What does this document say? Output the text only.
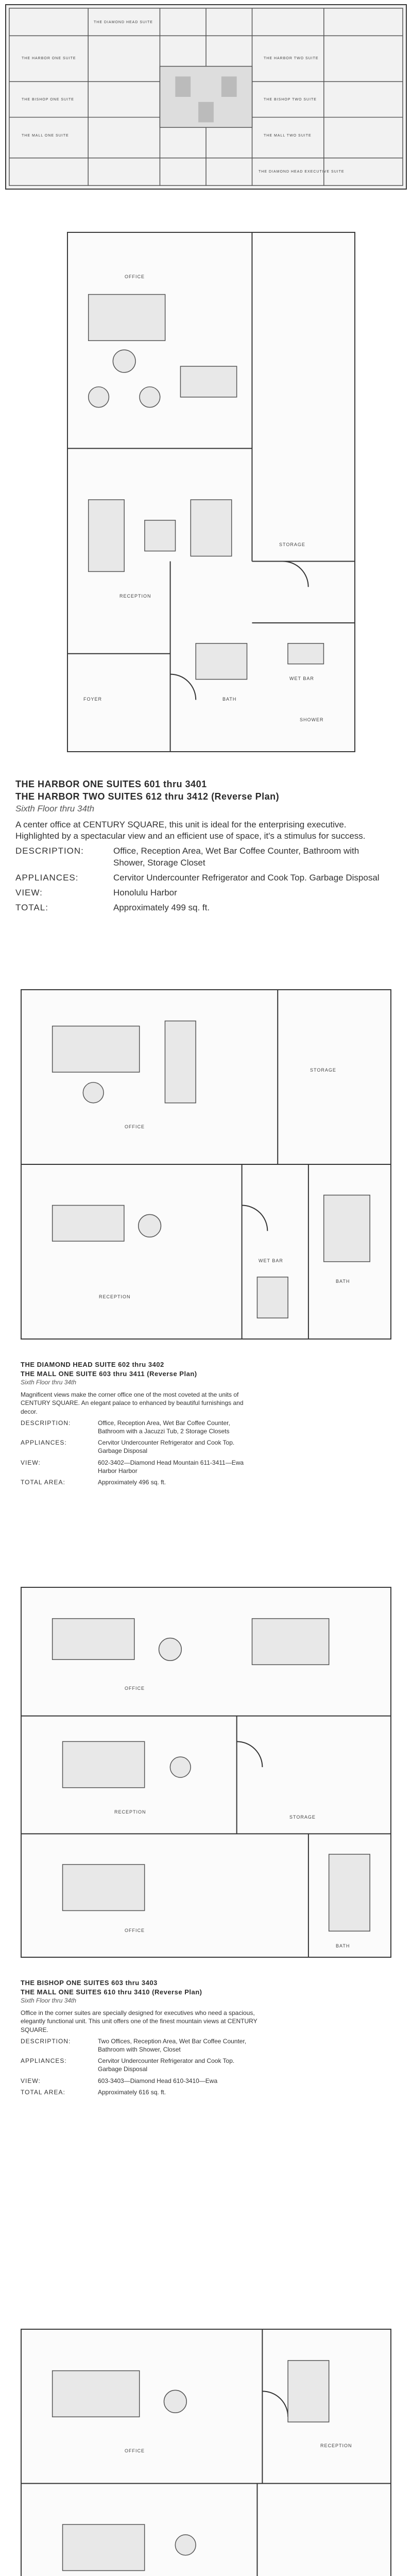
THE HARBOR ONE SUITE	THE HARBOR TWO SUITE
THE BISHOP ONE SUITE	THE BISHOP TWO SUITE
THE MALL ONE SUITE	THE MALL TWO SUITE
THE DIAMOND HEAD SUITE
THE DIAMOND HEAD EXECUTIVE SUITE
OFFICE
STORAGE
RECEPTION
BATH
SHOWER
FOYER
WET BAR
THE HARBOR ONE SUITES 601 thru 3401
THE HARBOR TWO SUITES 612 thru 3412 (Reverse Plan)
Sixth Floor thru 34th
A center office at CENTURY SQUARE, this unit is ideal for the enterprising executive. Highlighted by a spectacular view and an efficient use of space, it's a stimulus for success.
DESCRIPTION:	Office, Reception Area, Wet Bar Coffee Counter, Bathroom with Shower, Storage Closet
APPLIANCES:	Cervitor Undercounter Refrigerator and Cook Top. Garbage Disposal
VIEW:	Honolulu Harbor
TOTAL:	Approximately 499 sq. ft.
OFFICE
RECEPTION
BATH
STORAGE
WET BAR
THE DIAMOND HEAD SUITE 602 thru 3402
THE MALL ONE SUITE 603 thru 3411 (Reverse Plan)
Sixth Floor thru 34th
Magnificent views make the corner office one of the most coveted at the units of CENTURY SQUARE. An elegant palace to enhanced by beautiful furnishings and decor.
DESCRIPTION:	Office, Reception Area, Wet Bar Coffee Counter, Bathroom with a Jacuzzi Tub, 2 Storage Closets
APPLIANCES:	Cervitor Undercounter Refrigerator and Cook Top. Garbage Disposal
VIEW:	602-3402—Diamond Head Mountain 611-3411—Ewa Harbor Harbor
TOTAL AREA:	Approximately 496 sq. ft.
OFFICE
OFFICE
RECEPTION
BATH
STORAGE
THE BISHOP ONE SUITES 603 thru 3403
THE MALL ONE SUITES 610 thru 3410 (Reverse Plan)
Sixth Floor thru 34th
Office in the corner suites are specially designed for executives who need a spacious, elegantly functional unit. This unit offers one of the finest mountain views at CENTURY SQUARE.
DESCRIPTION:	Two Offices, Reception Area, Wet Bar Coffee Counter, Bathroom with Shower, Closet
APPLIANCES:	Cervitor Undercounter Refrigerator and Cook Top. Garbage Disposal
VIEW:	603-3403—Diamond Head 610-3410—Ewa
TOTAL AREA:	Approximately 616 sq. ft.
OFFICE
RECEPTION
